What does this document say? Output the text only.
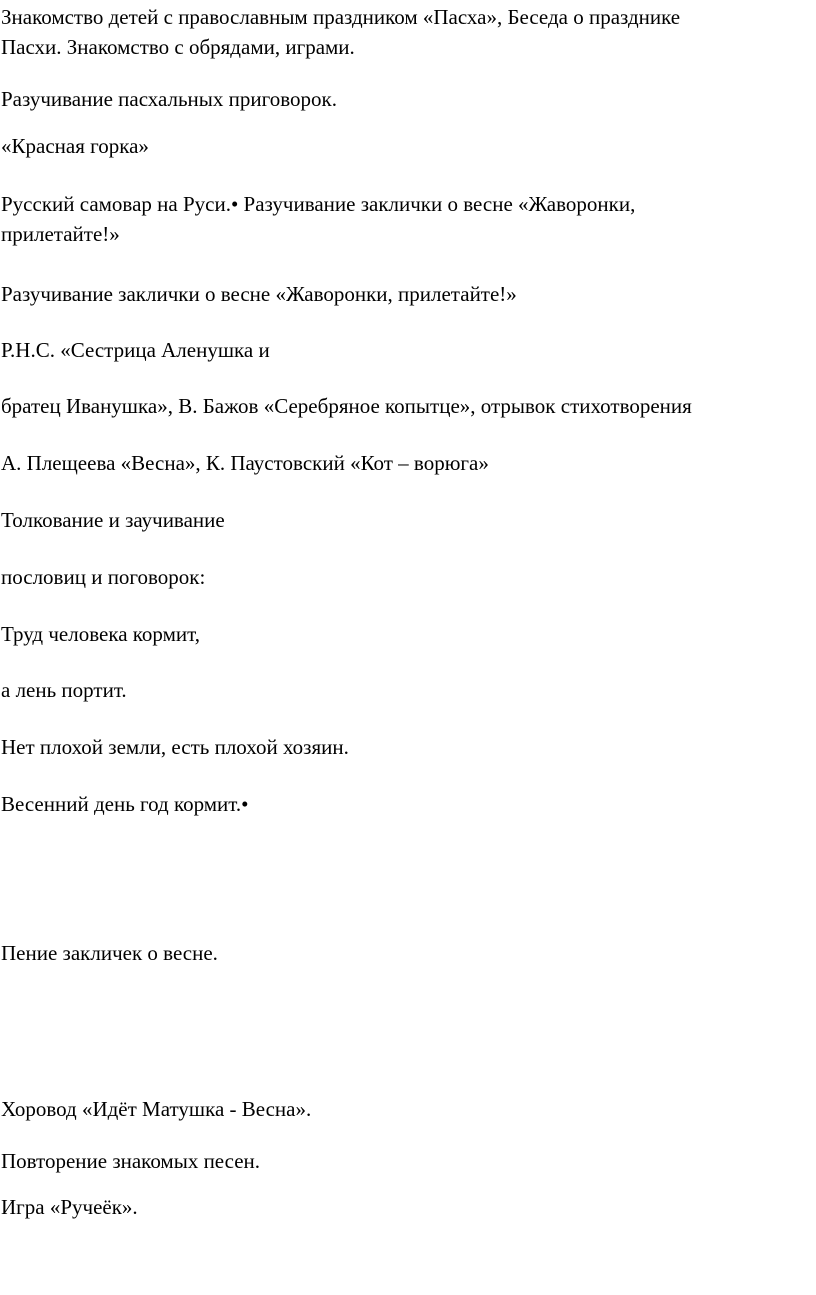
Знакомство детей с православным праздником «Пасха», Беседа о празднике
Пасхи. Знакомство с обрядами, играми.
Разучивание пасхальных приговорок.
«Красная горка»
Русский самовар на Руси.• Разучивание заклички о весне «Жаворонки,
прилетайте!»
Разучивание заклички о весне «Жаворонки, прилетайте!»
Р.Н.С. «Сестрица Аленушка и
братец Иванушка», В. Бажов «Серебряное копытце», отрывок стихотворения
А. Плещеева «Весна», К. Паустовский «Кот – ворюга»
Толкование и заучивание
пословиц и поговорок:
Труд человека кормит,
а лень портит.
Нет плохой земли, есть плохой хозяин.
Весенний день год кормит.•
Пение закличек о весне.
Хоровод «Идёт Матушка - Весна».
Повторение знакомых песен.
Игра «Ручеёк».
